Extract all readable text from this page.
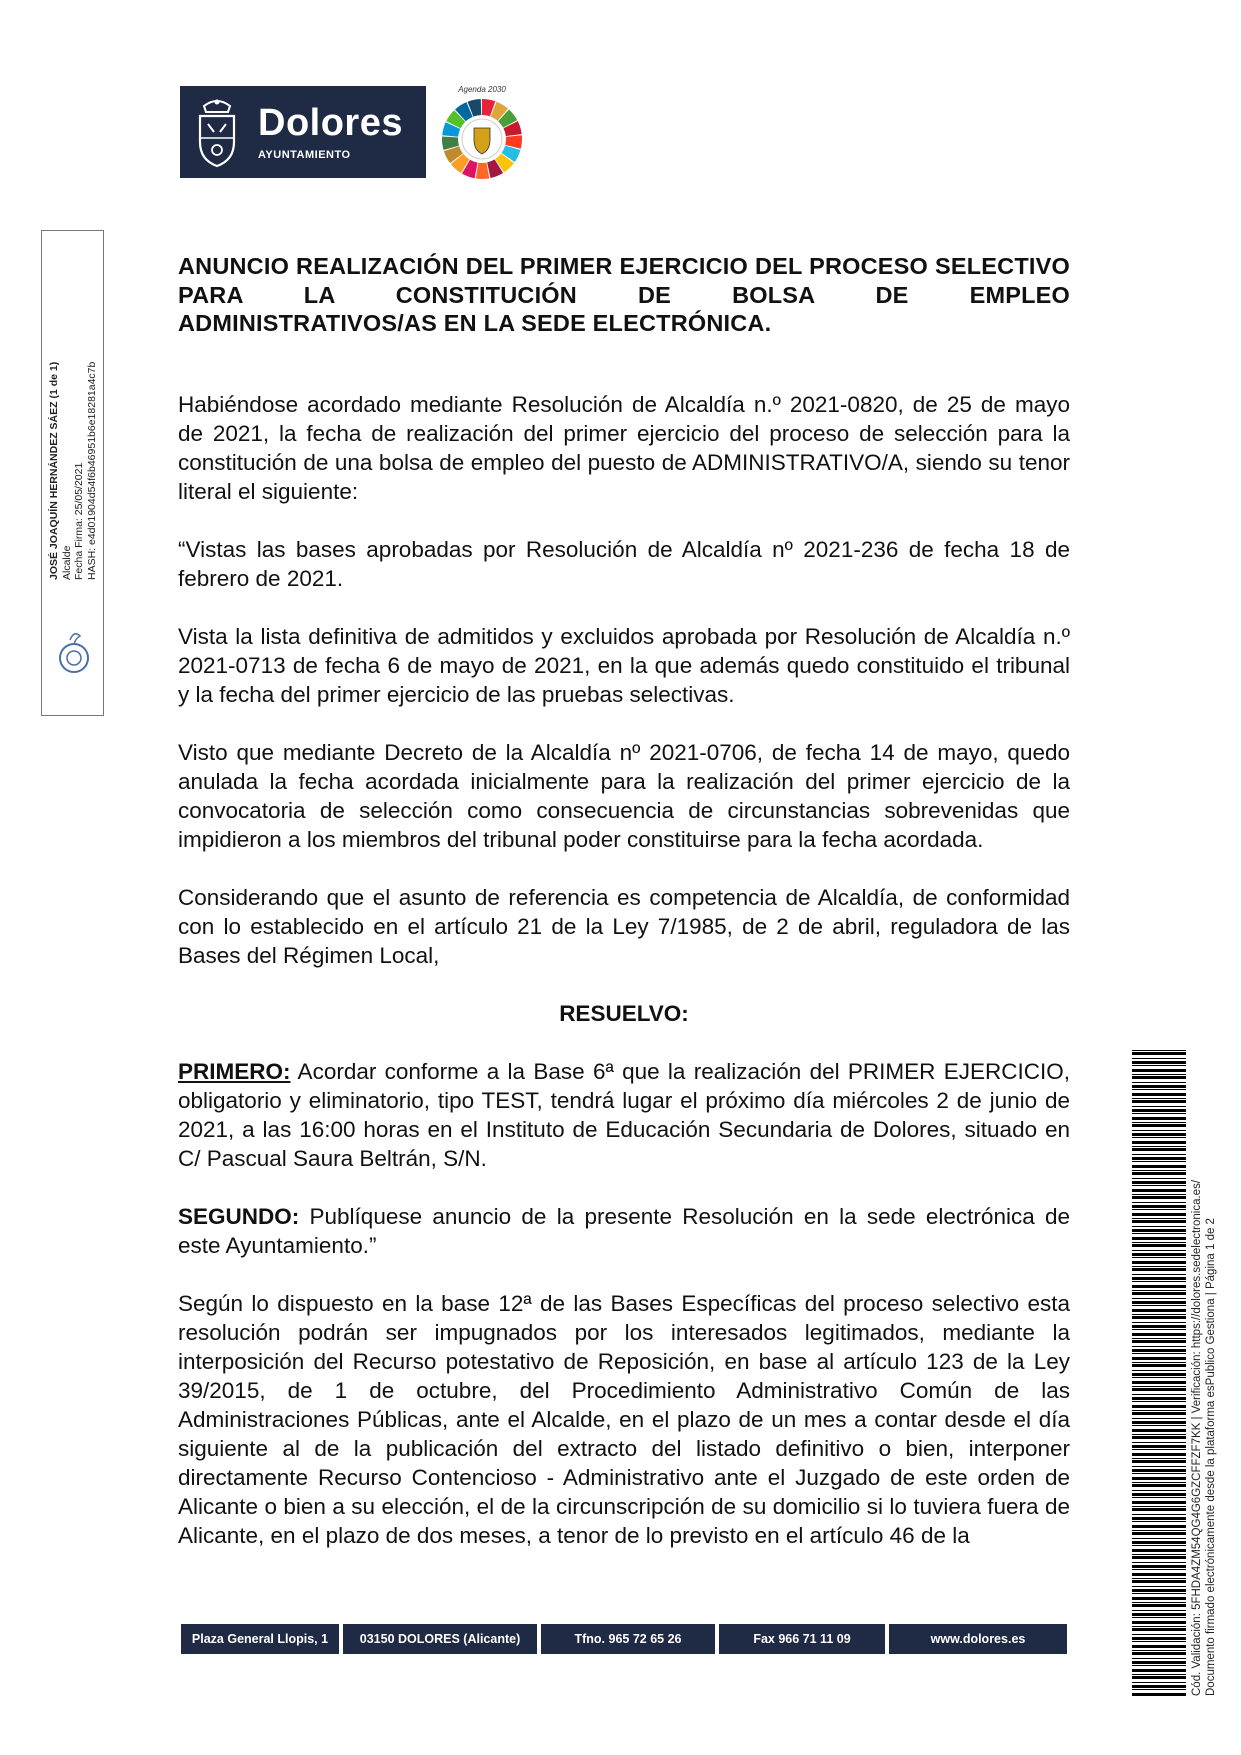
Dolores
AYUNTAMIENTO
Agenda 2030
JOSÉ JOAQUÍN HERNÁNDEZ SÁEZ (1 de 1) Alcalde Fecha Firma: 25/05/2021 HASH: e4d01904d54f6b46951b6e18281a4c7b
ANUNCIO REALIZACIÓN DEL PRIMER EJERCICIO DEL PROCESO SELECTIVO PARA LA CONSTITUCIÓN DE BOLSA DE EMPLEO
ADMINISTRATIVOS/AS EN LA SEDE ELECTRÓNICA.

Habiéndose acordado mediante Resolución de Alcaldía n.º 2021-0820, de 25 de mayo de 2021, la fecha de realización del primer ejercicio del proceso de selección para la constitución de una bolsa de empleo del puesto de ADMINISTRATIVO/A, siendo su tenor literal el siguiente:

“Vistas las bases aprobadas por Resolución de Alcaldía nº 2021-236 de fecha 18 de febrero de 2021.

Vista la lista definitiva de admitidos y excluidos aprobada por Resolución de Alcaldía n.º 2021-0713 de fecha 6 de mayo de 2021, en la que además quedo constituido el tribunal y la fecha del primer ejercicio de las pruebas selectivas.

Visto que mediante Decreto de la Alcaldía nº 2021-0706, de fecha 14 de mayo, quedo anulada la fecha acordada inicialmente para la realización del primer ejercicio de la convocatoria de selección como consecuencia de circunstancias sobrevenidas que impidieron a los miembros del tribunal poder constituirse para la fecha acordada.

Considerando que el asunto de referencia es competencia de Alcaldía, de conformidad con lo establecido en el artículo 21 de la Ley 7/1985, de 2 de abril, reguladora de las Bases del Régimen Local,

RESUELVO:

PRIMERO: Acordar conforme a la Base 6ª que la realización del PRIMER EJERCICIO, obligatorio y eliminatorio, tipo TEST, tendrá lugar el próximo día miércoles 2 de junio de 2021, a las 16:00 horas en el Instituto de Educación Secundaria de Dolores, situado en C/ Pascual Saura Beltrán, S/N.

SEGUNDO: Publíquese anuncio de la presente Resolución en la sede electrónica de este Ayuntamiento.”

Según lo dispuesto en la base 12ª de las Bases Específicas del proceso selectivo esta resolución podrán ser impugnados por los interesados legitimados, mediante la interposición del Recurso potestativo de Reposición, en base al artículo 123 de la Ley 39/2015, de 1 de octubre, del Procedimiento Administrativo Común de las Administraciones Públicas, ante el Alcalde, en el plazo de un mes a contar desde el día siguiente al de la publicación del extracto del listado definitivo o bien, interponer directamente Recurso Contencioso - Administrativo ante el Juzgado de este orden de Alicante o bien a su elección, el de la circunscripción de su domicilio si lo tuviera fuera de Alicante, en el plazo de dos meses, a tenor de lo previsto en el artículo 46 de la

Plaza General Llopis, 1	03150 DOLORES (Alicante)	Tfno. 965 72 65 26	Fax 966 71 11 09	www.dolores.es	Cód. Validación: 5FHDA4ZM54QG4G6GZCFFZF7KK | Verificación: https://dolores.sedelectronica.es/ Documento firmado electrónicamente desde la plataforma esPublico Gestiona | Página 1 de 2
